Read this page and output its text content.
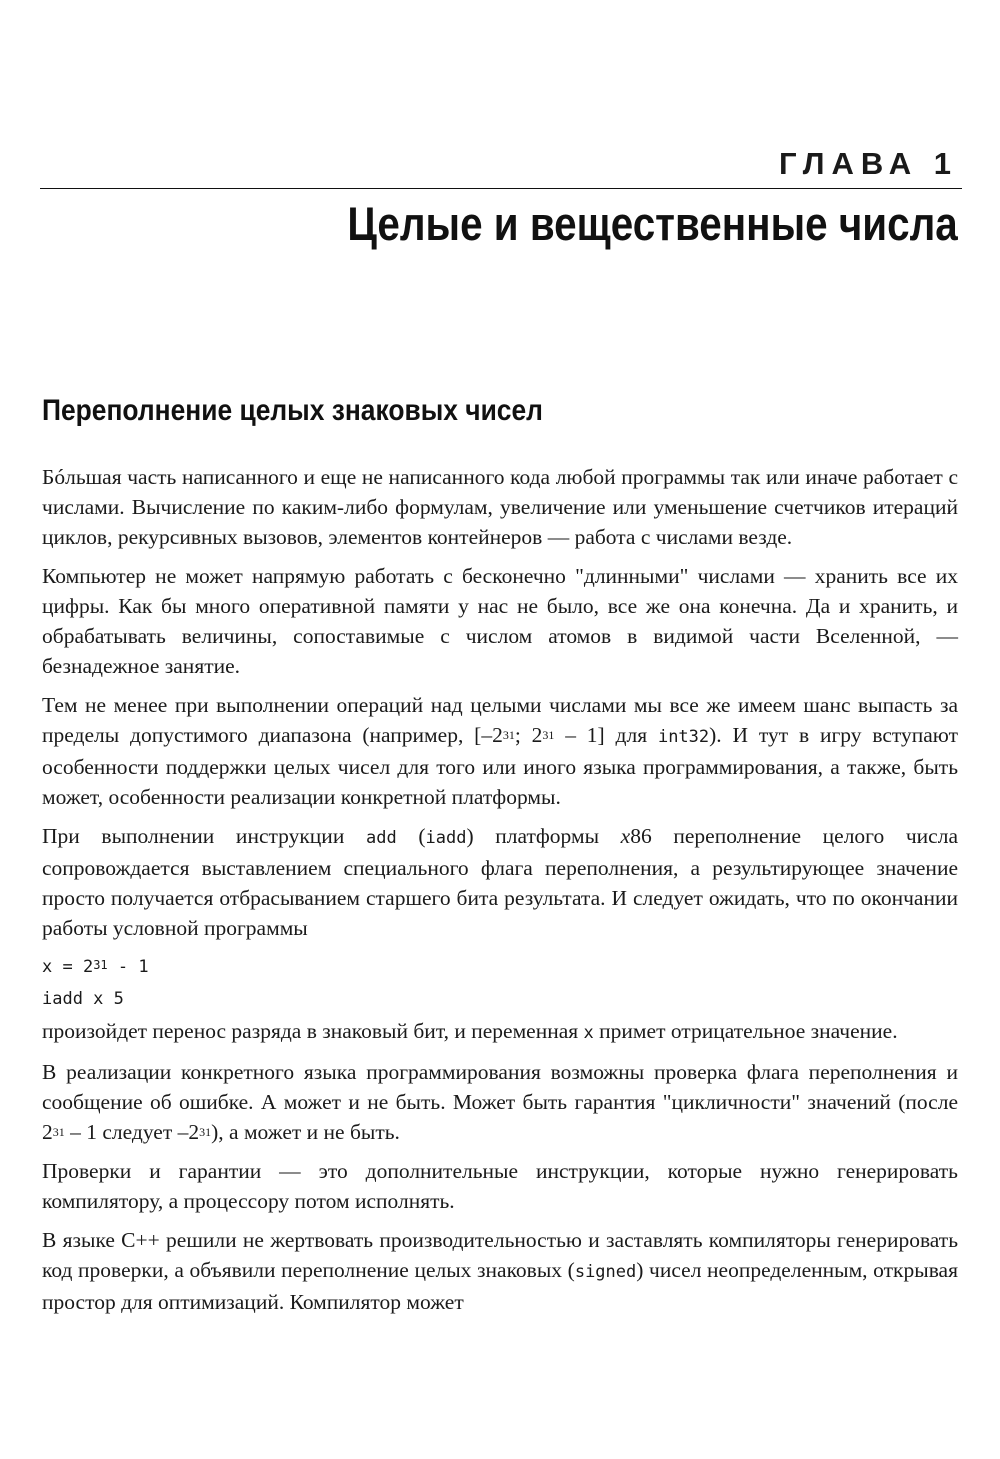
ГЛАВА 1
Целые и вещественные числа
Переполнение целых знаковых чисел

Бóльшая часть написанного и еще не написанного кода любой программы так или иначе работает с числами. Вычисление по каким-либо формулам, увеличение или уменьшение счетчиков итераций циклов, рекурсивных вызовов, элементов контейнеров — работа с числами везде.

Компьютер не может напрямую работать с бесконечно "длинными" числами — хранить все их цифры. Как бы много оперативной памяти у нас не было, все же она конечна. Да и хранить, и обрабатывать величины, сопоставимые с числом атомов в видимой части Вселенной, — безнадежное занятие.

Тем не менее при выполнении операций над целыми числами мы все же имеем шанс выпасть за пределы допустимого диапазона (например, [$-2^{31}$; $2^{31} - 1$] для int32). И тут в игру вступают особенности поддержки целых чисел для того или иного языка программирования, а также, быть может, особенности реализации конкретной платформы.

При выполнении инструкции add (iadd) платформы x86 переполнение целого числа сопровождается выставлением специального флага переполнения, а результирующее значение просто получается отбрасыванием старшего бита результата. И следует ожидать, что по окончании работы условной программы

$x = 2^{31} - 1$
iadd x 5

произойдет перенос разряда в знаковый бит, и переменная x примет отрицательное значение.

В реализации конкретного языка программирования возможны проверка флага переполнения и сообщение об ошибке. А может и не быть. Может быть гарантия "цикличности" значений (после $2^{31} - 1$ следует $-2^{31}$), а может и не быть.

Проверки и гарантии — это дополнительные инструкции, которые нужно генерировать компилятору, а процессору потом исполнять.

В языке C++ решили не жертвовать производительностью и заставлять компиляторы генерировать код проверки, а объявили переполнение целых знаковых (signed) чисел неопределенным, открывая простор для оптимизаций. Компилятор может
